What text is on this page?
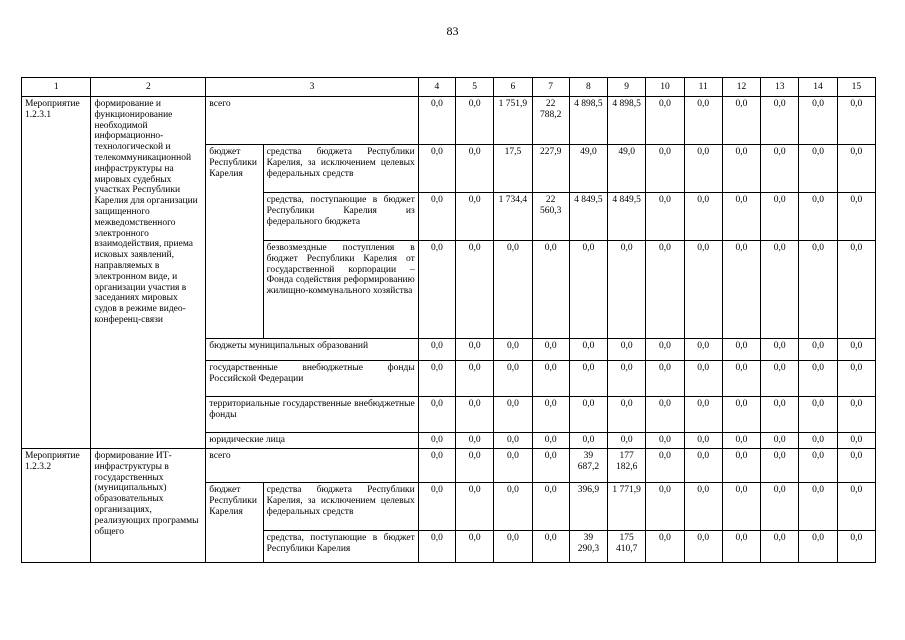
83
1	2	3		4	5	6	7	8	9	10	11	12	13	14	15
Мероприятие 1.2.3.1	формирование и функционирование необходимой информационно-технологической и телекоммуникационной инфраструктуры на мировых судебных участках Республики Карелия для организации защищенного межведомственного электронного взаимодействия, приема исковых заявлений, направляемых в электронном виде, и организации участия в заседаниях мировых судов в режиме видео-конференц-связи	всего		0,0	0,0	1 751,9	22 788,2	4 898,5	4 898,5	0,0	0,0	0,0	0,0	0,0	0,0
		бюджет Республики Карелия	средства бюджета Республики Карелия, за исключением целевых федеральных средств	0,0	0,0	17,5	227,9	49,0	49,0	0,0	0,0	0,0	0,0	0,0	0,0
			средства, поступающие в бюджет Республики Карелия из федерального бюджета	0,0	0,0	1 734,4	22 560,3	4 849,5	4 849,5	0,0	0,0	0,0	0,0	0,0	0,0
			безвозмездные поступления в бюджет Республики Карелия от государственной корпорации – Фонда содействия реформированию жилищно-коммунального хозяйства	0,0	0,0	0,0	0,0	0,0	0,0	0,0	0,0	0,0	0,0	0,0	0,0
		бюджеты муниципальных образований		0,0	0,0	0,0	0,0	0,0	0,0	0,0	0,0	0,0	0,0	0,0	0,0
		государственные внебюджетные фонды Российской Федерации		0,0	0,0	0,0	0,0	0,0	0,0	0,0	0,0	0,0	0,0	0,0	0,0
		территориальные государственные внебюджетные фонды		0,0	0,0	0,0	0,0	0,0	0,0	0,0	0,0	0,0	0,0	0,0	0,0
		юридические лица		0,0	0,0	0,0	0,0	0,0	0,0	0,0	0,0	0,0	0,0	0,0	0,0
Мероприятие 1.2.3.2	формирование ИТ-инфраструктуры в государственных (муниципальных) образовательных организациях, реализующих программы общего	всего		0,0	0,0	0,0	0,0	39 687,2	177 182,6	0,0	0,0	0,0	0,0	0,0	0,0
		бюджет Республики Карелия	средства бюджета Республики Карелия, за исключением целевых федеральных средств	0,0	0,0	0,0	0,0	396,9	1 771,9	0,0	0,0	0,0	0,0	0,0	0,0
			средства, поступающие в бюджет Республики Карелия	0,0	0,0	0,0	0,0	39 290,3	175 410,7	0,0	0,0	0,0	0,0	0,0	0,0
